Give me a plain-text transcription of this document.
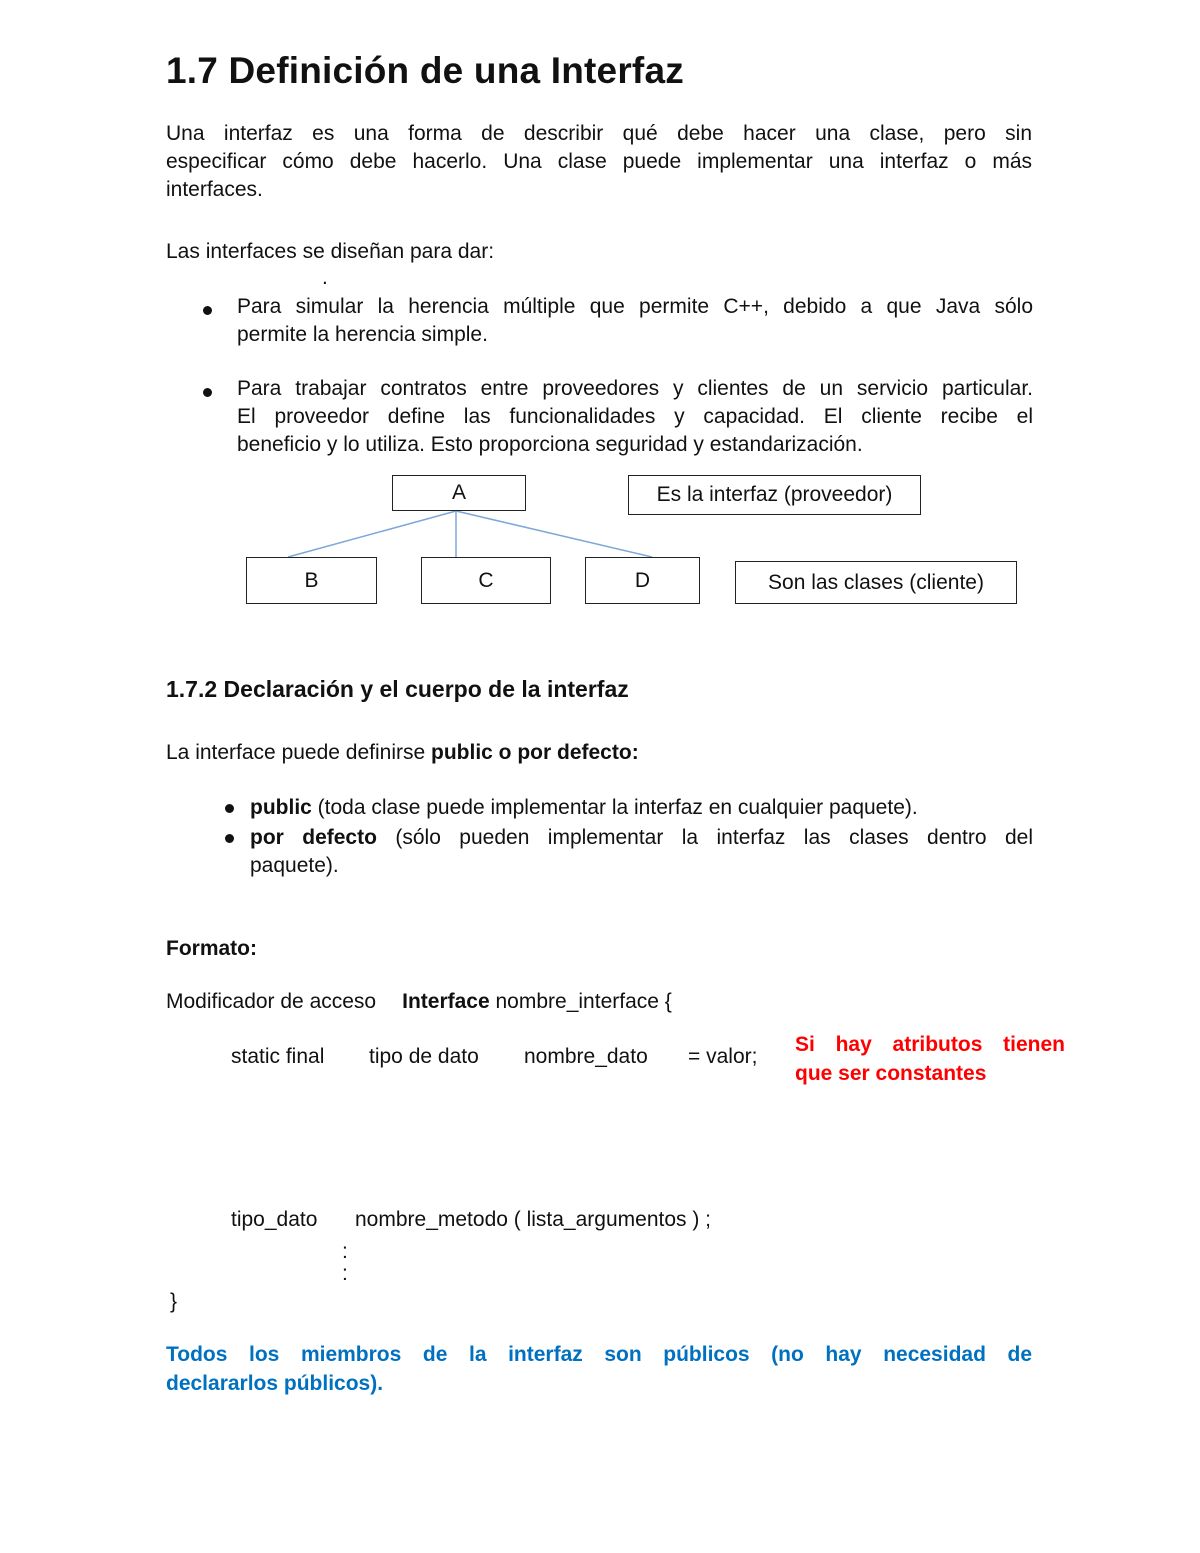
1.7 Definición de una Interfaz
Una interfaz es una forma de describir qué debe hacer una clase, pero sin
especificar cómo debe hacerlo. Una clase puede implementar una interfaz o más
interfaces.
Las interfaces se diseñan para dar:
.
Para simular la herencia múltiple que permite C++, debido a que Java sólo
permite la herencia simple.
Para trabajar contratos entre proveedores y clientes de un servicio particular.
El proveedor define las funcionalidades y capacidad. El cliente recibe el
beneficio y lo utiliza. Esto proporciona seguridad y estandarización.
A	Es la interfaz (proveedor)
B	C	D	Son las clases (cliente)
1.7.2 Declaración y el cuerpo de la interfaz
La interface puede definirse public o por defecto:
public (toda clase puede implementar la interfaz en cualquier paquete).
por defecto (sólo pueden implementar la interfaz las clases dentro del
paquete).
Formato:
Modificador de acceso Interface nombre_interface {
static final tipo de dato nombre_dato = valor;
Si hay atributos tienen
que ser constantes
tipo_dato nombre_metodo ( lista_argumentos ) ;
:
:
}
Todos los miembros de la interfaz son públicos (no hay necesidad de
declararlos públicos).
